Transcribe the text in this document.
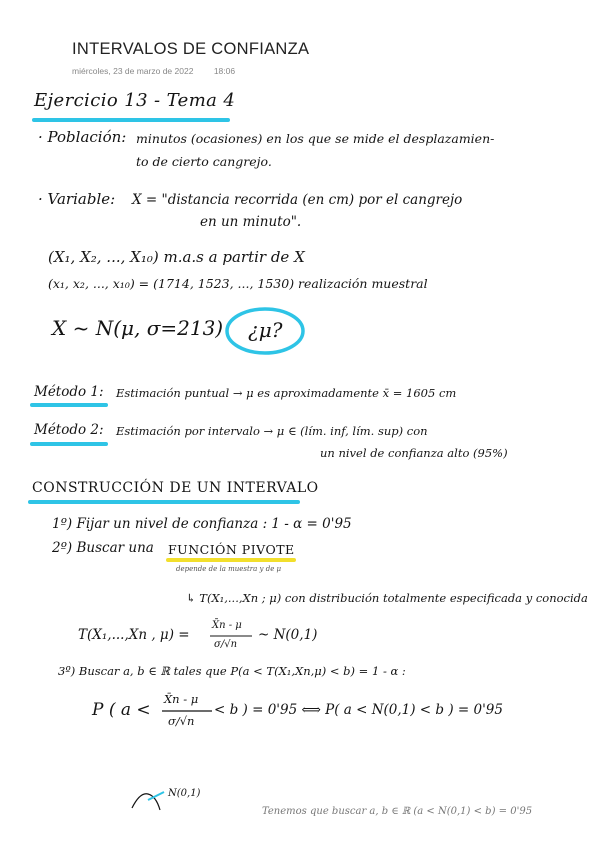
INTERVALOS DE CONFIANZA
miércoles, 23 de marzo de 2022 18:06
Ejercicio 13 - Tema 4
· Población: minutos (ocasiones) en los que se mide el desplazamien-
to de cierto cangrejo.
· Variable: X = "distancia recorrida (en cm) por el cangrejo
en un minuto".
(X₁, X₂, ..., X₁₀) m.a.s a partir de X
(x₁, x₂, ..., x₁₀) = (1714, 1523, ..., 1530) realización muestral
X ~ N(μ, σ=213) ¿μ?
Método 1: Estimación puntual → μ es aproximadamente x̄ = 1605 cm
Método 2: Estimación por intervalo → μ ∈ (lím. inf, lím. sup) con
un nivel de confianza alto (95%)
CONSTRUCCIÓN DE UN INTERVALO
1º) Fijar un nivel de confianza : 1 - α = 0'95
2º) Buscar una FUNCIÓN PIVOTE
depende de la muestra y de μ
↳ T(X₁,...,Xn ; μ) con distribución totalmente especificada y conocida
T(X₁,...,Xn , μ) =
X̄n - μ
σ/√n
~ N(0,1)
3º) Buscar a, b ∈ ℝ tales que P(a < T(X₁,Xn,μ) < b) = 1 - α :
P ( a <
X̄n - μ
σ/√n
< b ) = 0'95 ⟺ P( a < N(0,1) < b ) = 0'95
N(0,1)
Tenemos que buscar a, b ∈ ℝ (a < N(0,1) < b) = 0'95
